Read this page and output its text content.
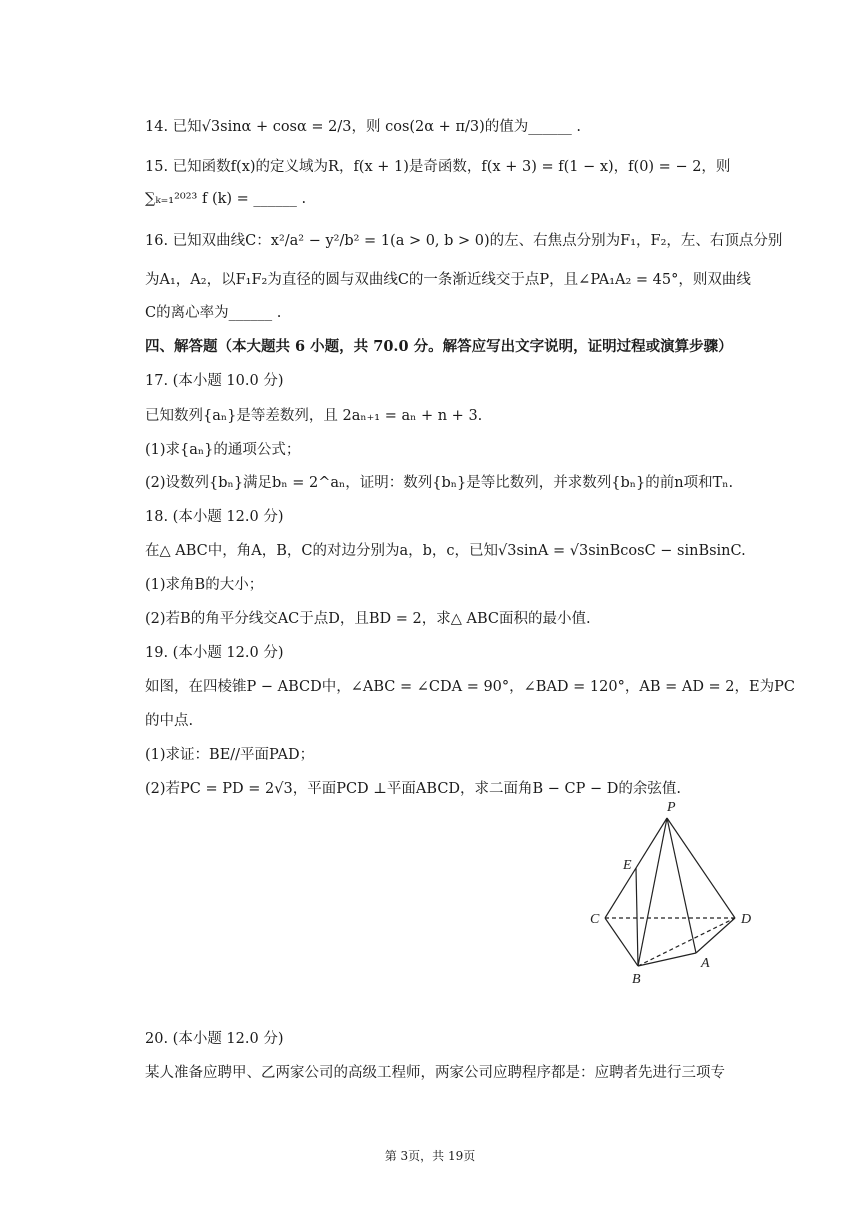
14. 已知√3sinα + cosα = 2/3，则 cos(2α + π/3)的值为______ .
15. 已知函数f(x)的定义域为R，f(x + 1)是奇函数，f(x + 3) = f(1 − x)，f(0) = − 2，则
∑ₖ₌₁²⁰²³ f (k) = ______ .
16. 已知双曲线C：x²/a² − y²/b² = 1(a > 0, b > 0)的左、右焦点分别为F₁，F₂，左、右顶点分别
为A₁，A₂，以F₁F₂为直径的圆与双曲线C的一条渐近线交于点P，且∠PA₁A₂ = 45°，则双曲线
C的离心率为______ .
四、解答题（本大题共 6 小题，共 70.0 分。解答应写出文字说明，证明过程或演算步骤）
17. (本小题 10.0 分)
已知数列{aₙ}是等差数列，且 2aₙ₊₁ = aₙ + n + 3.
(1)求{aₙ}的通项公式；
(2)设数列{bₙ}满足bₙ = 2^aₙ，证明：数列{bₙ}是等比数列，并求数列{bₙ}的前n项和Tₙ.
18. (本小题 12.0 分)
在△ ABC中，角A，B，C的对边分别为a，b，c，已知√3sinA = √3sinBcosC − sinBsinC.
(1)求角B的大小；
(2)若B的角平分线交AC于点D，且BD = 2，求△ ABC面积的最小值.
19. (本小题 12.0 分)
如图，在四棱锥P − ABCD中，∠ABC = ∠CDA = 90°，∠BAD = 120°，AB = AD = 2，E为PC
的中点.
(1)求证：BE//平面PAD；
(2)若PC = PD = 2√3，平面PCD ⊥平面ABCD，求二面角B − CP − D的余弦值.
20. (本小题 12.0 分)
某人准备应聘甲、乙两家公司的高级工程师，两家公司应聘程序都是：应聘者先进行三项专
P
E
C	D
B
A
第 3页，共 19页
